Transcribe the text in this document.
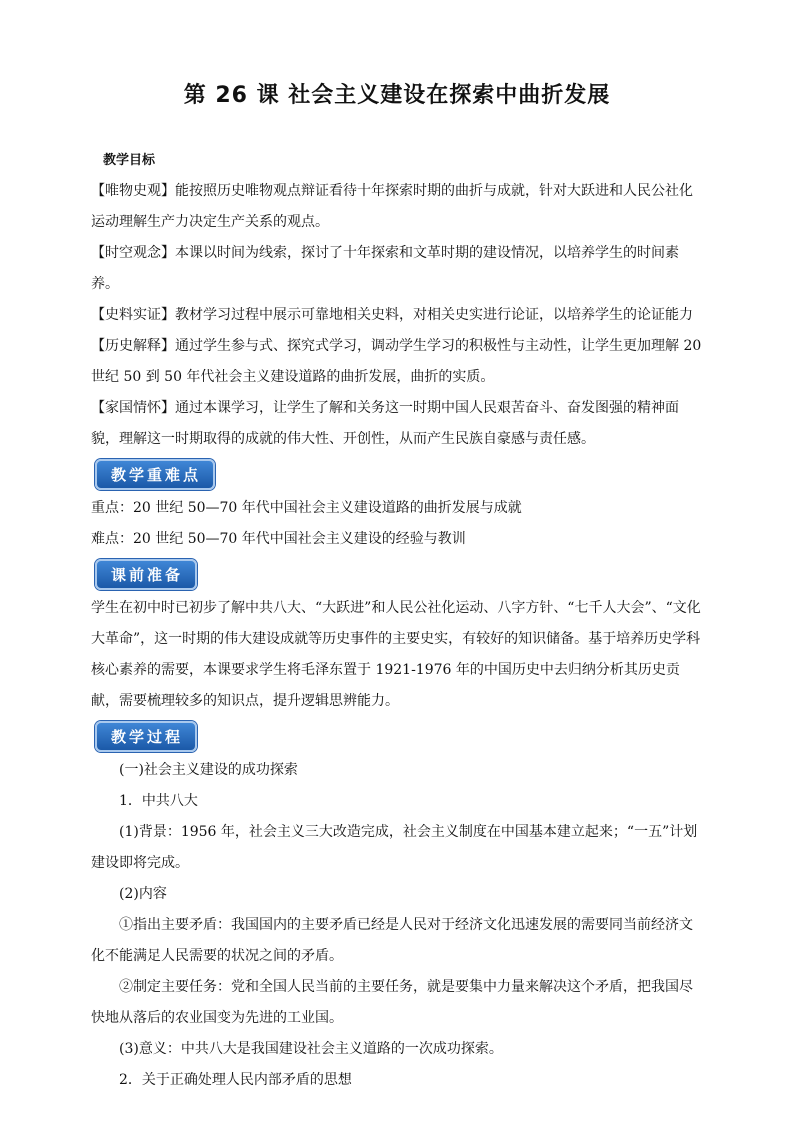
第 26 课 社会主义建设在探索中曲折发展
教学目标

【唯物史观】能按照历史唯物观点辩证看待十年探索时期的曲折与成就，针对大跃进和人民公社化运动理解生产力决定生产关系的观点。

【时空观念】本课以时间为线索，探讨了十年探索和文革时期的建设情况，以培养学生的时间素养。

【史料实证】教材学习过程中展示可靠地相关史料，对相关史实进行论证，以培养学生的论证能力

【历史解释】通过学生参与式、探究式学习，调动学生学习的积极性与主动性，让学生更加理解 20 世纪 50 到 50 年代社会主义建设道路的曲折发展，曲折的实质。

【家国情怀】通过本课学习，让学生了解和关务这一时期中国人民艰苦奋斗、奋发图强的精神面貌，理解这一时期取得的成就的伟大性、开创性，从而产生民族自豪感与责任感。

教学重难点

重点：20 世纪 50—70 年代中国社会主义建设道路的曲折发展与成就

难点：20 世纪 50—70 年代中国社会主义建设的经验与教训

课前准备

学生在初中时已初步了解中共八大、“大跃进”和人民公社化运动、八字方针、“七千人大会”、“文化大革命”，这一时期的伟大建设成就等历史事件的主要史实，有较好的知识储备。基于培养历史学科核心素养的需要，本课要求学生将毛泽东置于 1921-1976 年的中国历史中去归纳分析其历史贡献，需要梳理较多的知识点，提升逻辑思辨能力。

教学过程

(一)社会主义建设的成功探索

1．中共八大

(1)背景：1956 年，社会主义三大改造完成，社会主义制度在中国基本建立起来；“一五”计划建设即将完成。

(2)内容

①指出主要矛盾：我国国内的主要矛盾已经是人民对于经济文化迅速发展的需要同当前经济文化不能满足人民需要的状况之间的矛盾。

②制定主要任务：党和全国人民当前的主要任务，就是要集中力量来解决这个矛盾，把我国尽快地从落后的农业国变为先进的工业国。

(3)意义：中共八大是我国建设社会主义道路的一次成功探索。

2．关于正确处理人民内部矛盾的思想
